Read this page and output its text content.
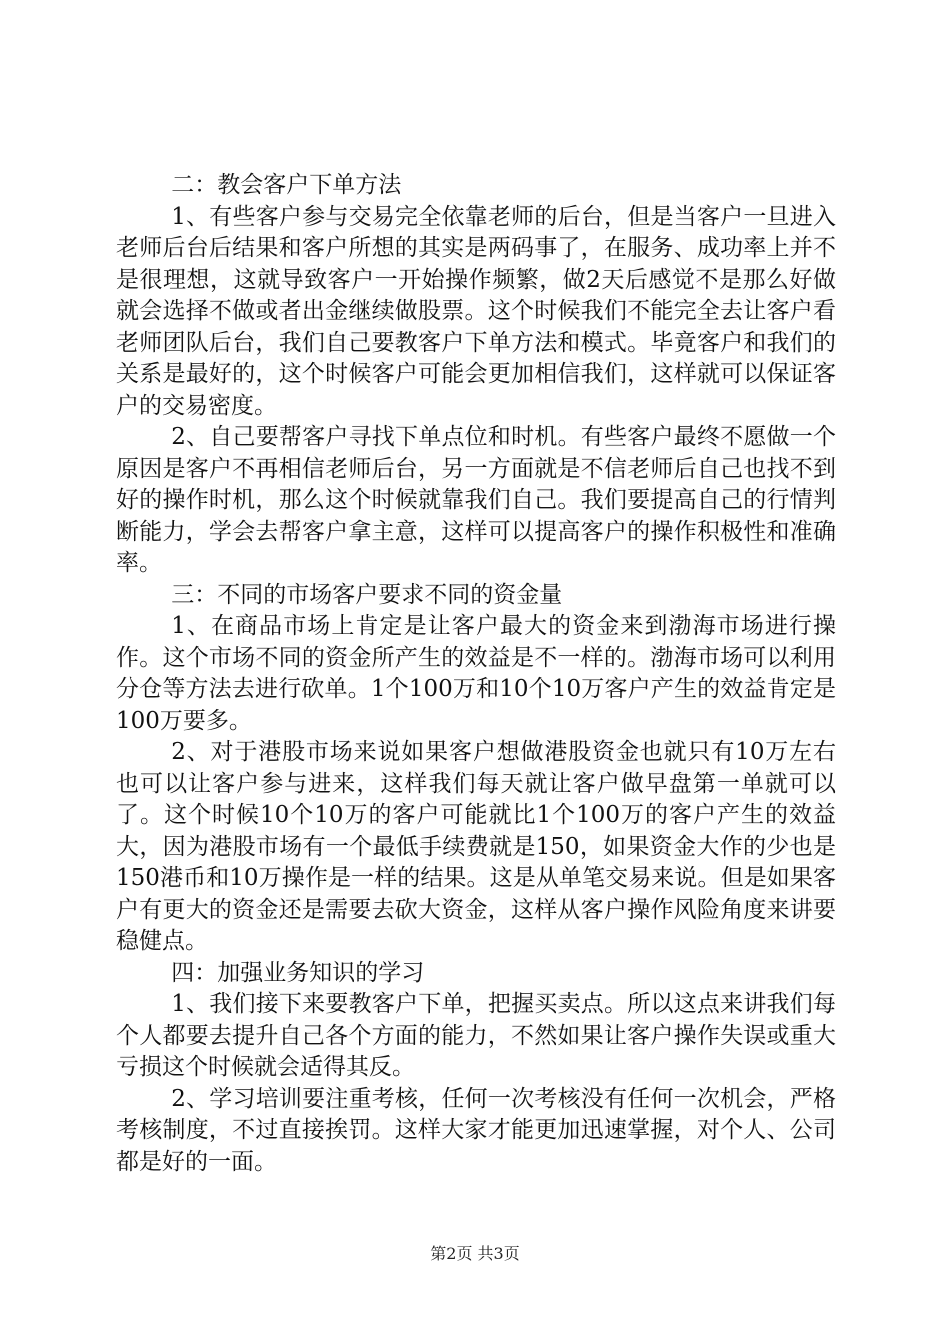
二：教会客户下单方法

1、有些客户参与交易完全依靠老师的后台，但是当客户一旦进入老师后台后结果和客户所想的其实是两码事了，在服务、成功率上并不是很理想，这就导致客户一开始操作频繁，做2天后感觉不是那么好做就会选择不做或者出金继续做股票。这个时候我们不能完全去让客户看老师团队后台，我们自己要教客户下单方法和模式。毕竟客户和我们的关系是最好的，这个时候客户可能会更加相信我们，这样就可以保证客户的交易密度。

2、自己要帮客户寻找下单点位和时机。有些客户最终不愿做一个原因是客户不再相信老师后台，另一方面就是不信老师后自己也找不到好的操作时机，那么这个时候就靠我们自己。我们要提高自己的行情判断能力，学会去帮客户拿主意，这样可以提高客户的操作积极性和准确率。

三：不同的市场客户要求不同的资金量

1、在商品市场上肯定是让客户最大的资金来到渤海市场进行操作。这个市场不同的资金所产生的效益是不一样的。渤海市场可以利用分仓等方法去进行砍单。1个100万和10个10万客户产生的效益肯定是100万要多。

2、对于港股市场来说如果客户想做港股资金也就只有10万左右也可以让客户参与进来，这样我们每天就让客户做早盘第一单就可以了。这个时候10个10万的客户可能就比1个100万的客户产生的效益大，因为港股市场有一个最低手续费就是150，如果资金大作的少也是150港币和10万操作是一样的结果。这是从单笔交易来说。但是如果客户有更大的资金还是需要去砍大资金，这样从客户操作风险角度来讲要稳健点。

四：加强业务知识的学习

1、我们接下来要教客户下单，把握买卖点。所以这点来讲我们每个人都要去提升自己各个方面的能力，不然如果让客户操作失误或重大亏损这个时候就会适得其反。

2、学习培训要注重考核，任何一次考核没有任何一次机会，严格考核制度，不过直接挨罚。这样大家才能更加迅速掌握，对个人、公司都是好的一面。

第2页 共3页
